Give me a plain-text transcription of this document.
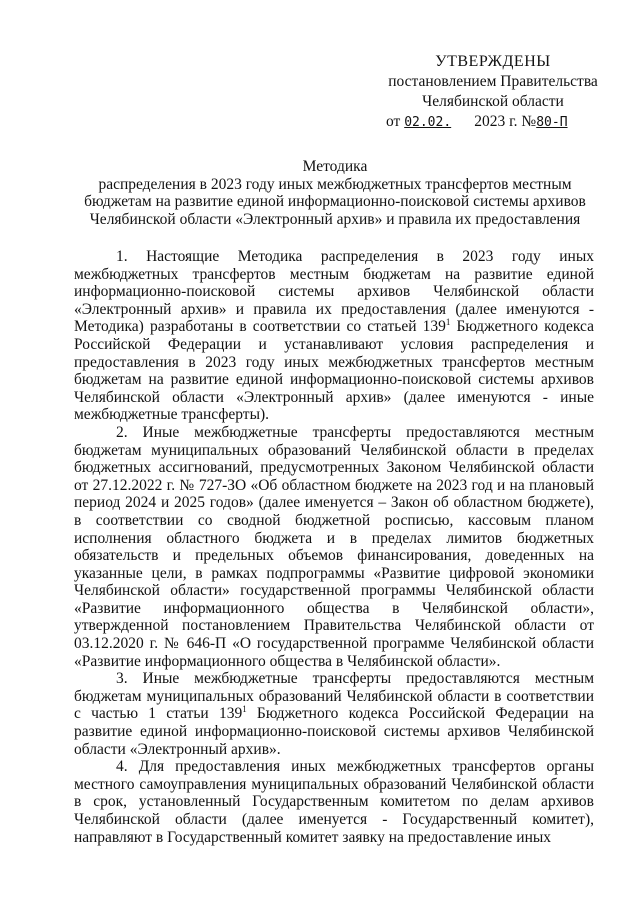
УТВЕРЖДЕНЫ
постановлением Правительства
Челябинской области
от 02.02. 2023 г. №80-П
Методика
распределения в 2023 году иных межбюджетных трансфертов местным
бюджетам на развитие единой информационно-поисковой системы архивов
Челябинской области «Электронный архив» и правила их предоставления

1. Настоящие Методика распределения в 2023 году иных межбюджетных трансфертов местным бюджетам на развитие единой информационно-поисковой системы архивов Челябинской области «Электронный архив» и правила их предоставления (далее именуются - Методика) разработаны в соответствии со статьей $139^1$ Бюджетного кодекса Российской Федерации и устанавливают условия распределения и предоставления в 2023 году иных межбюджетных трансфертов местным бюджетам на развитие единой информационно-поисковой системы архивов Челябинской области «Электронный архив» (далее именуются - иные межбюджетные трансферты).

2. Иные межбюджетные трансферты предоставляются местным бюджетам муниципальных образований Челябинской области в пределах бюджетных ассигнований, предусмотренных Законом Челябинской области от 27.12.2022 г. № 727-ЗО «Об областном бюджете на 2023 год и на плановый период 2024 и 2025 годов» (далее именуется – Закон об областном бюджете), в соответствии со сводной бюджетной росписью, кассовым планом исполнения областного бюджета и в пределах лимитов бюджетных обязательств и предельных объемов финансирования, доведенных на указанные цели, в рамках подпрограммы «Развитие цифровой экономики Челябинской области» государственной программы Челябинской области «Развитие информационного общества в Челябинской области», утвержденной постановлением Правительства Челябинской области от 03.12.2020 г. № 646-П «О государственной программе Челябинской области «Развитие информационного общества в Челябинской области».

3. Иные межбюджетные трансферты предоставляются местным бюджетам муниципальных образований Челябинской области в соответствии с частью 1 статьи $139^1$ Бюджетного кодекса Российской Федерации на развитие единой информационно-поисковой системы архивов Челябинской области «Электронный архив».

4. Для предоставления иных межбюджетных трансфертов органы местного самоуправления муниципальных образований Челябинской области в срок, установленный Государственным комитетом по делам архивов Челябинской области (далее именуется - Государственный комитет), направляют в Государственный комитет заявку на предоставление иных
